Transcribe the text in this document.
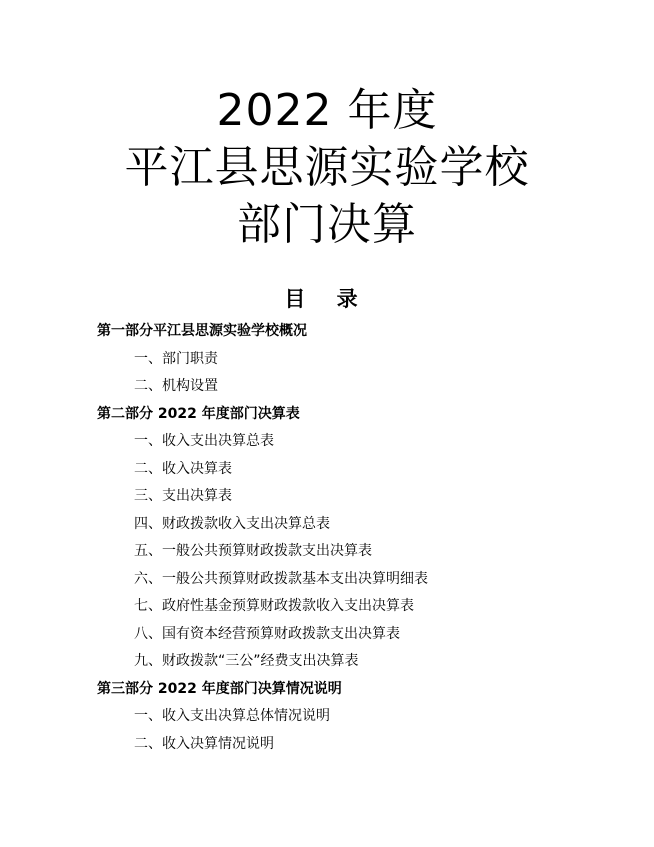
2022 年度
平江县思源实验学校
部门决算
目 录
第一部分平江县思源实验学校概况
一、部门职责
二、机构设置
第二部分 2022 年度部门决算表
一、收入支出决算总表
二、收入决算表
三、支出决算表
四、财政拨款收入支出决算总表
五、一般公共预算财政拨款支出决算表
六、一般公共预算财政拨款基本支出决算明细表
七、政府性基金预算财政拨款收入支出决算表
八、国有资本经营预算财政拨款支出决算表
九、财政拨款“三公”经费支出决算表
第三部分 2022 年度部门决算情况说明
一、收入支出决算总体情况说明
二、收入决算情况说明
